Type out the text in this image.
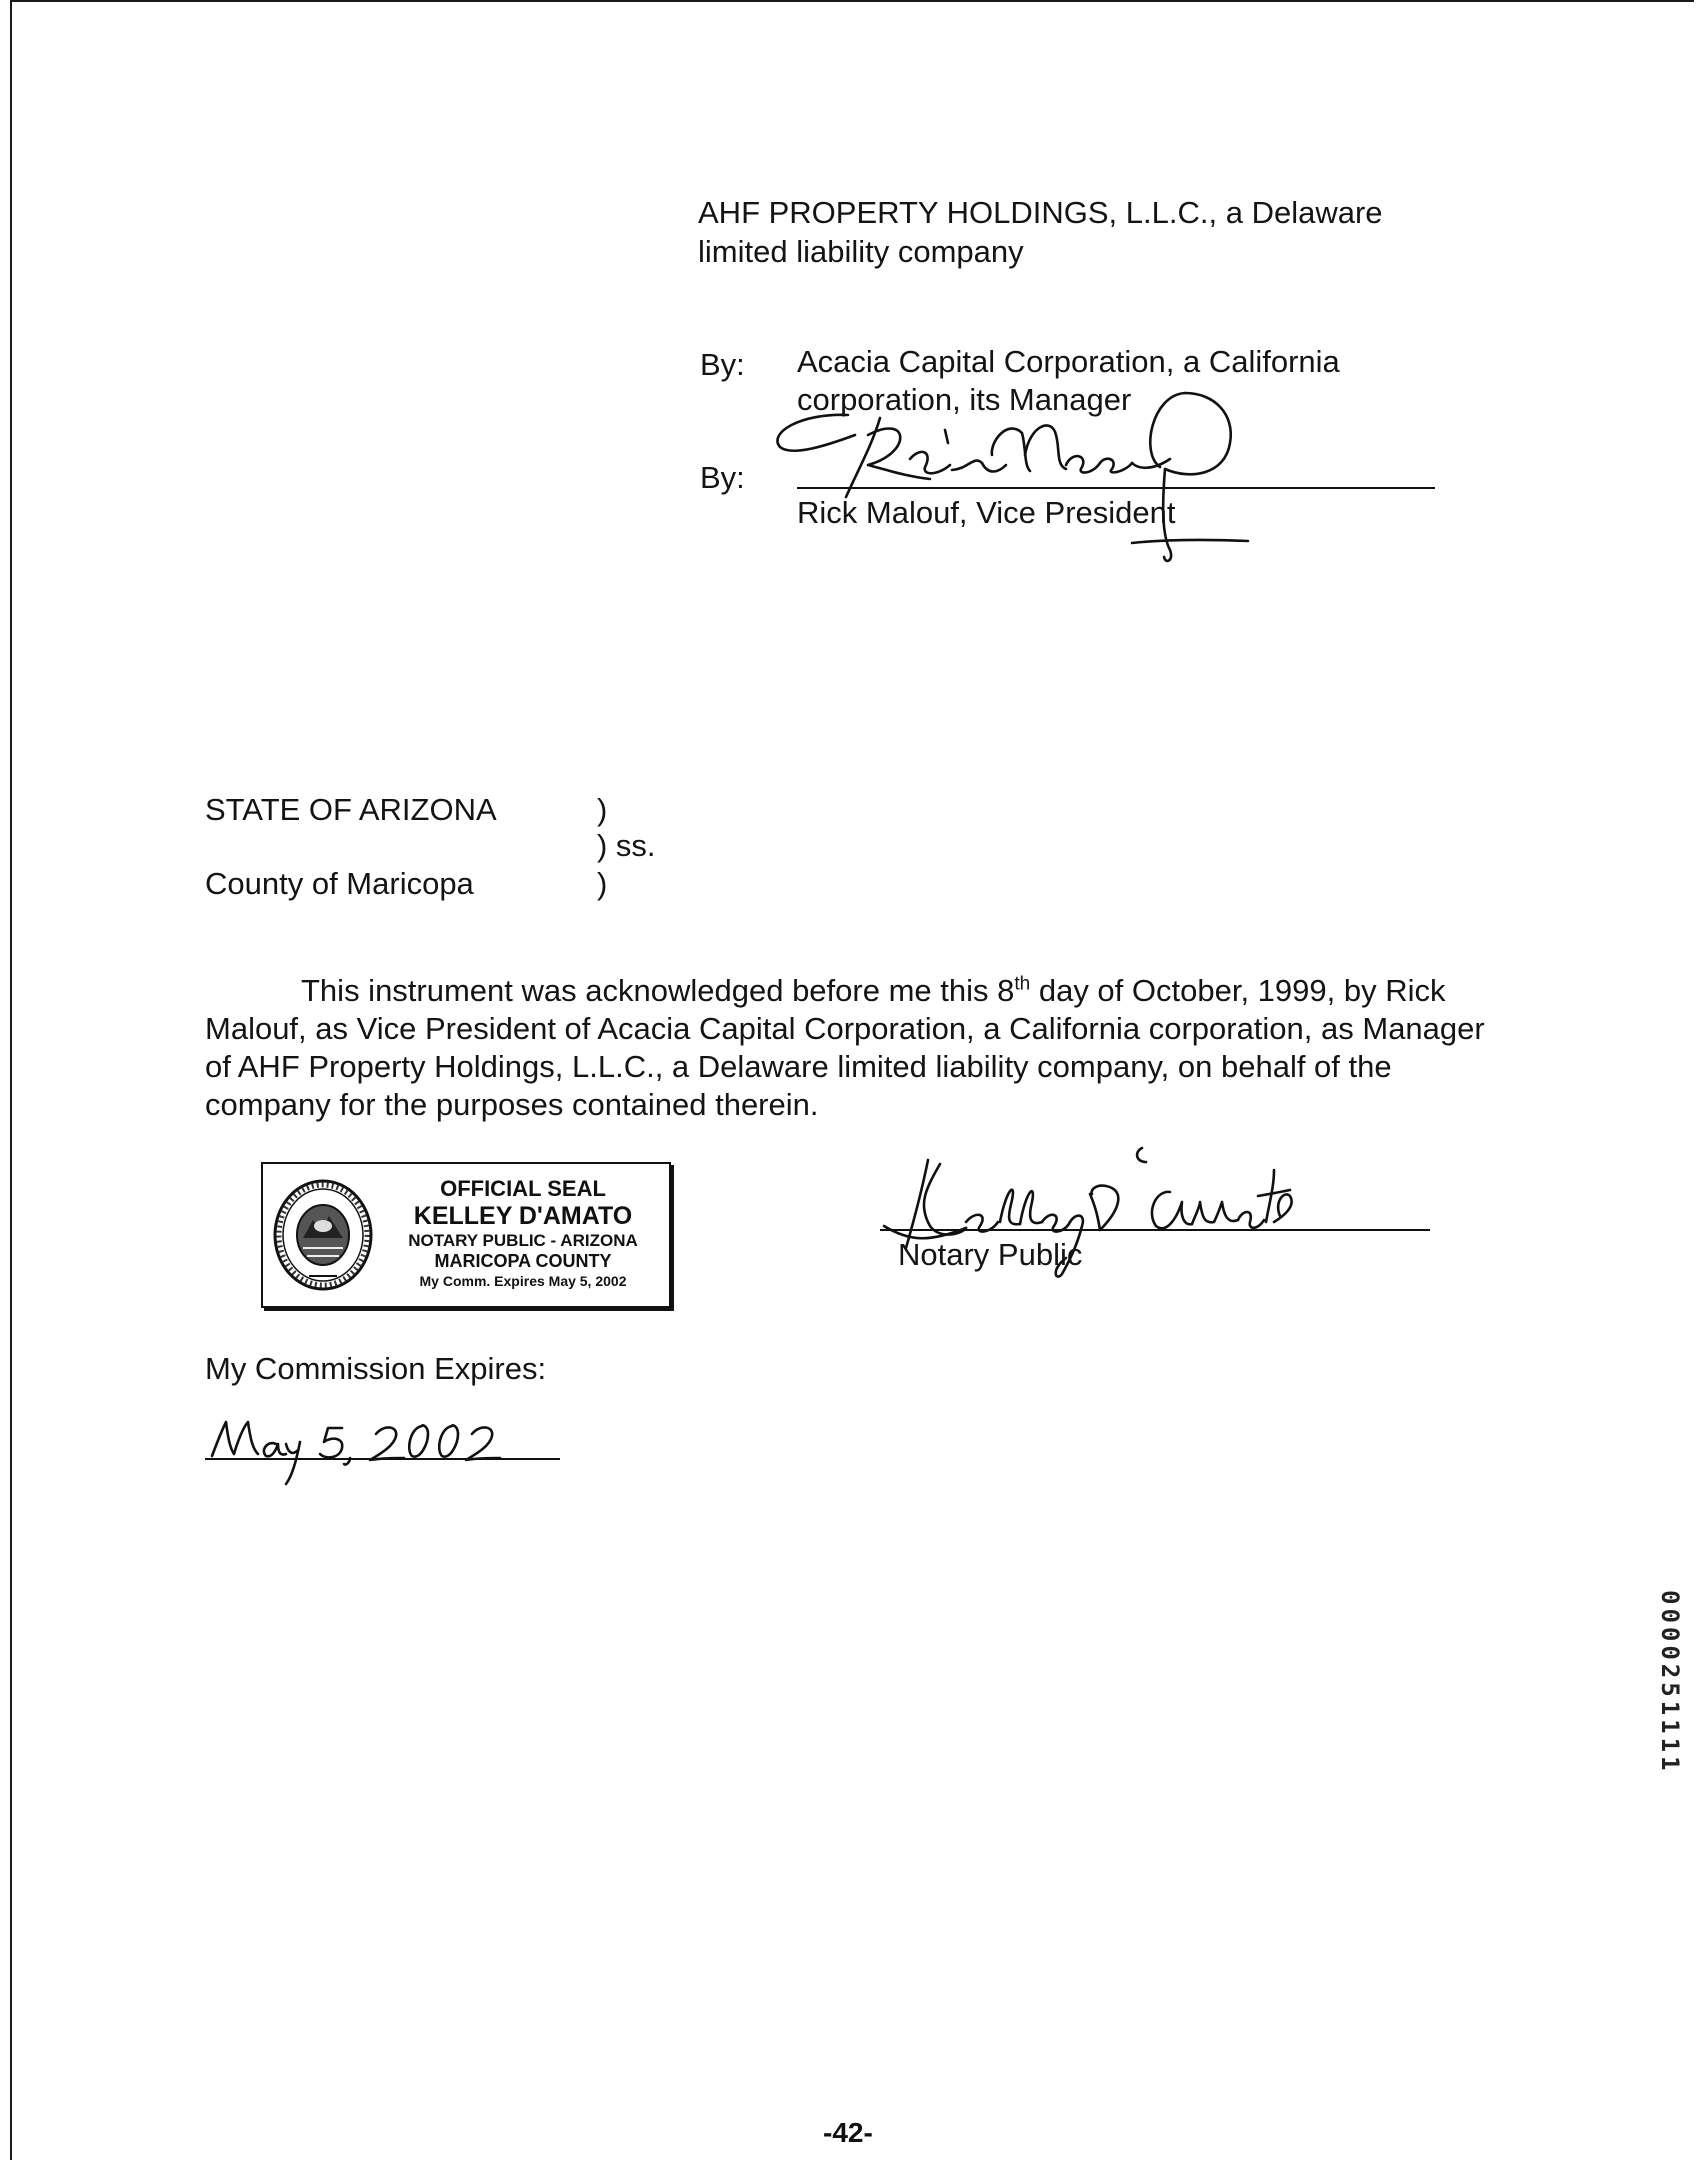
AHF PROPERTY HOLDINGS, L.L.C., a Delaware
limited liability company
By: Acacia Capital Corporation, a California
corporation, its Manager
By:
Rick Malouf, Vice President
STATE OF ARIZONA	)
) ss.
County of Maricopa	)

This instrument was acknowledged before me this 8th day of October, 1999, by Rick Malouf, as Vice President of Acacia Capital Corporation, a California corporation, as Manager of AHF Property Holdings, L.L.C., a Delaware limited liability company, on behalf of the company for the purposes contained therein.

OFFICIAL SEAL
KELLEY D'AMATO
NOTARY PUBLIC - ARIZONA
MARICOPA COUNTY
My Comm. Expires May 5, 2002
Notary Public
My Commission Expires:
0000251111
-42-
